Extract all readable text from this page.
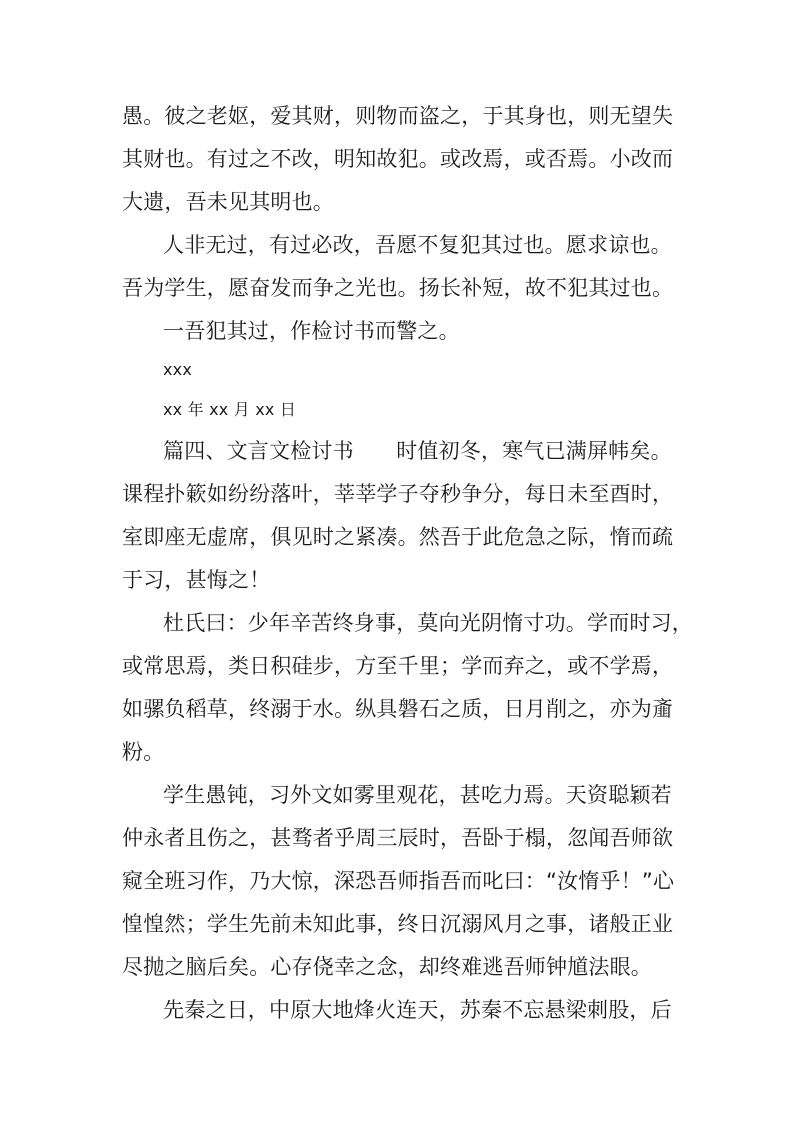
愚。彼之老妪，爱其财，则物而盗之，于其身也，则无望失
其财也。有过之不改，明知故犯。或改焉，或否焉。小改而
大遗，吾未见其明也。
人非无过，有过必改，吾愿不复犯其过也。愿求谅也。
吾为学生，愿奋发而争之光也。扬长补短，故不犯其过也。
一吾犯其过，作检讨书而警之。
xxx
xx 年 xx 月 xx 日
篇四、文言文检讨书　　时值初冬，寒气已满屏帏矣。
课程扑簌如纷纷落叶，莘莘学子夺秒争分，每日未至酉时，
室即座无虚席，俱见时之紧凑。然吾于此危急之际，惰而疏
于习，甚悔之！
杜氏曰：少年辛苦终身事，莫向光阴惰寸功。学而时习，
或常思焉，类日积硅步，方至千里；学而弃之，或不学焉，
如骡负稻草，终溺于水。纵具磐石之质，日月削之，亦为齑
粉。
学生愚钝，习外文如雾里观花，甚吃力焉。天资聪颖若
仲永者且伤之，甚骛者乎周三辰时，吾卧于榻，忽闻吾师欲
窥全班习作，乃大惊，深恐吾师指吾而叱曰：“汝惰乎！”心
惶惶然；学生先前未知此事，终日沉溺风月之事，诸般正业
尽抛之脑后矣。心存侥幸之念，却终难逃吾师钟馗法眼。
先秦之日，中原大地烽火连天，苏秦不忘悬梁刺股，后
